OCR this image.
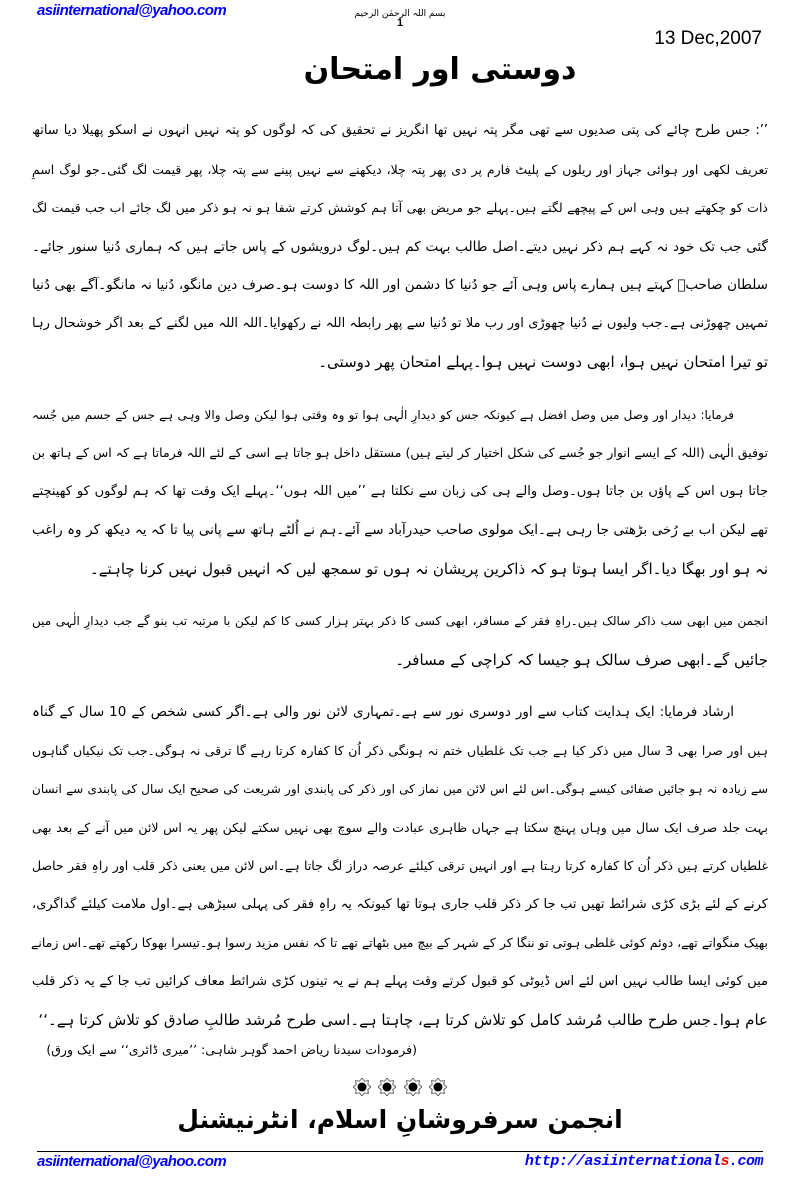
asiinternational@yahoo.com	بسم اللہ الرحمٰن الرحیم
1
13 Dec,2007
دوستی اور امتحان
’’: جس طرح چائے کی پتی صدیوں سے تھی مگر پتہ نہیں تھا انگریز نے تحقیق کی کہ لوگوں کو پتہ نہیں انہوں نے اسکو پھیلا دیا ساتھ
تعریف لکھی اور ہوائی جہاز اور ریلوں کے پلیٹ فارم پر دی پھر پتہ چلا، دیکھنے سے نہیں پینے سے پتہ چلا، پھر قیمت لگ گئی۔جو لوگ اسمِ
ذات کو چکھتے ہیں وہی اس کے پیچھے لگتے ہیں۔پہلے جو مریض بھی آتا ہم کوشش کرتے شفا ہو نہ ہو ذکر میں لگ جائے اب جب قیمت لگ
گئی جب تک خود نہ کہے ہم ذکر نہیں دیتے۔اصل طالب بہت کم ہیں۔لوگ درویشوں کے پاس جاتے ہیں کہ ہماری دُنیا سنور جائے۔
سلطان صاحبؒ کہتے ہیں ہمارے پاس وہی آئے جو دُنیا کا دشمن اور اللہ کا دوست ہو۔صرف دین مانگو، دُنیا نہ مانگو۔آگے بھی دُنیا
تمہیں چھوڑنی ہے۔جب ولیوں نے دُنیا چھوڑی اور رب ملا تو دُنیا سے پھر رابطہ اللہ نے رکھوایا۔اللہ اللہ میں لگنے کے بعد اگر خوشحال رہا
تو تیرا امتحان نہیں ہوا، ابھی دوست نہیں ہوا۔پہلے امتحان پھر دوستی۔
فرمایا: دیدار اور وصل میں وصل افضل ہے کیونکہ جس کو دیدارِ الٰہی ہوا تو وہ وقتی ہوا لیکن وصل والا وہی ہے جس کے جسم میں جُسہ
توفیق الٰہی (اللہ کے ایسے انوار جو جُسے کی شکل اختیار کر لیتے ہیں) مستقل داخل ہو جاتا ہے اسی کے لئے اللہ فرماتا ہے کہ اس کے ہاتھ بن
جاتا ہوں اس کے پاؤں بن جاتا ہوں۔وصل والے ہی کی زبان سے نکلتا ہے ’’میں اللہ ہوں‘‘۔پہلے ایک وقت تھا کہ ہم لوگوں کو کھینچتے
تھے لیکن اب بے رُخی بڑھتی جا رہی ہے۔ایک مولوی صاحب حیدرآباد سے آئے۔ہم نے اُلٹے ہاتھ سے پانی پیا تا کہ یہ دیکھ کر وہ راغب
نہ ہو اور بھگا دیا۔اگر ایسا ہوتا ہو کہ ذاکرین پریشان نہ ہوں تو سمجھ لیں کہ انہیں قبول نہیں کرنا چاہتے۔
انجمن میں ابھی سب ذاکر سالک ہیں۔راہِ فقر کے مسافر، ابھی کسی کا ذکر بہتر ہزار کسی کا کم لیکن با مرتبہ تب بنو گے جب دیدارِ الٰہی میں
جائیں گے۔ابھی صرف سالک ہو جیسا کہ کراچی کے مسافر۔
ارشاد فرمایا: ایک ہدایت کتاب سے اور دوسری نور سے ہے۔تمہاری لائن نور والی ہے۔اگر کسی شخص کے 10 سال کے گناہ
ہیں اور صرا بھی 3 سال میں ذکر کیا ہے جب تک غلطیاں ختم نہ ہونگی ذکر اُن کا کفارہ کرتا رہے گا ترقی نہ ہوگی۔جب تک نیکیاں گناہوں
سے زیادہ نہ ہو جائیں صفائی کیسے ہوگی۔اس لئے اس لائن میں نماز کی اور ذکر کی پابندی اور شریعت کی صحیح ایک سال کی پابندی سے انسان
بہت جلد صرف ایک سال میں وہاں پہنچ سکتا ہے جہاں ظاہری عبادت والے سوچ بھی نہیں سکتے لیکن پھر یہ اس لائن میں آنے کے بعد بھی
غلطیاں کرتے ہیں ذکر اُن کا کفارہ کرتا رہتا ہے اور انہیں ترقی کیلئے عرصہ دراز لگ جاتا ہے۔اس لائن میں یعنی ذکر قلب اور راہِ فقر حاصل
کرنے کے لئے بڑی کڑی شرائط تھیں تب جا کر ذکر قلب جاری ہوتا تھا کیونکہ یہ راہِ فقر کی پہلی سیڑھی ہے۔اول ملامت کیلئے گداگری،
بھیک منگواتے تھے، دوئم کوئی غلطی ہوتی تو ننگا کر کے شہر کے بیچ میں بٹھاتے تھے تا کہ نفس مزید رسوا ہو۔تیسرا بھوکا رکھتے تھے۔اس زمانے
میں کوئی ایسا طالب نہیں اس لئے اس ڈیوٹی کو قبول کرتے وقت پہلے ہم نے یہ تینوں کڑی شرائط معاف کرائیں تب جا کے یہ ذکر قلب
عام ہوا۔جس طرح طالب مُرشد کامل کو تلاش کرتا ہے، چاہتا ہے۔اسی طرح مُرشد طالبِ صادق کو تلاش کرتا ہے۔‘‘
(فرمودات سیدنا ریاض احمد گوہر شاہی: ’’میری ڈائری‘‘ سے ایک ورق)

انجمن سرفروشانِ اسلام، انٹرنیشنل
asiinternational@yahoo.com	http://asiinternationals.com
